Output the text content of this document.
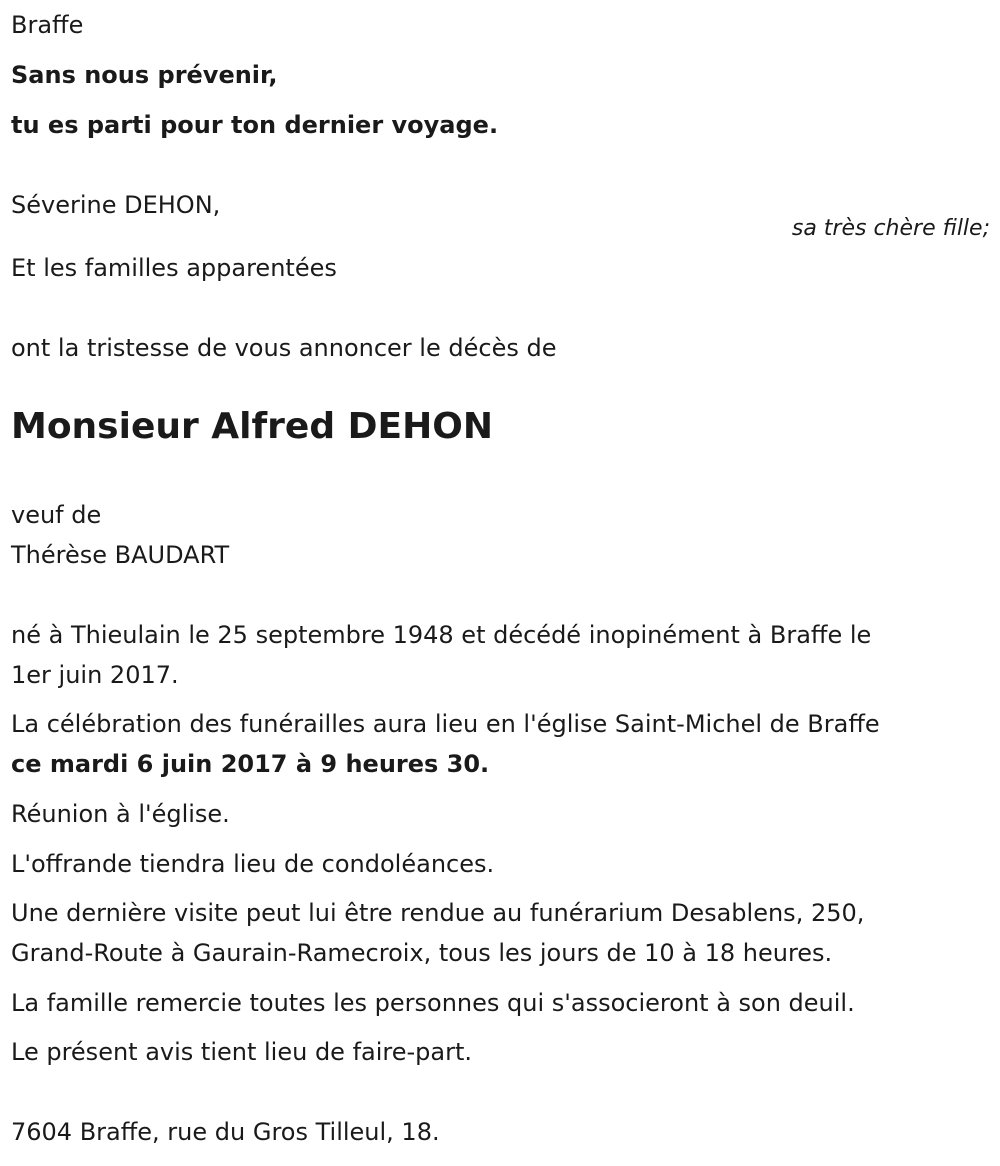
Braffe
Sans nous prévenir,
tu es parti pour ton dernier voyage.
Séverine DEHON,
sa très chère fille;
Et les familles apparentées
ont la tristesse de vous annoncer le décès de
Monsieur Alfred DEHON
veuf de
Thérèse BAUDART
né à Thieulain le 25 septembre 1948 et décédé inopinément à Braffe le
1er juin 2017.
La célébration des funérailles aura lieu en l'église Saint-Michel de Braffe
ce mardi 6 juin 2017 à 9 heures 30.
Réunion à l'église.
L'offrande tiendra lieu de condoléances.
Une dernière visite peut lui être rendue au funérarium Desablens, 250,
Grand-Route à Gaurain-Ramecroix, tous les jours de 10 à 18 heures.
La famille remercie toutes les personnes qui s'associeront à son deuil.
Le présent avis tient lieu de faire-part.
7604 Braffe, rue du Gros Tilleul, 18.
